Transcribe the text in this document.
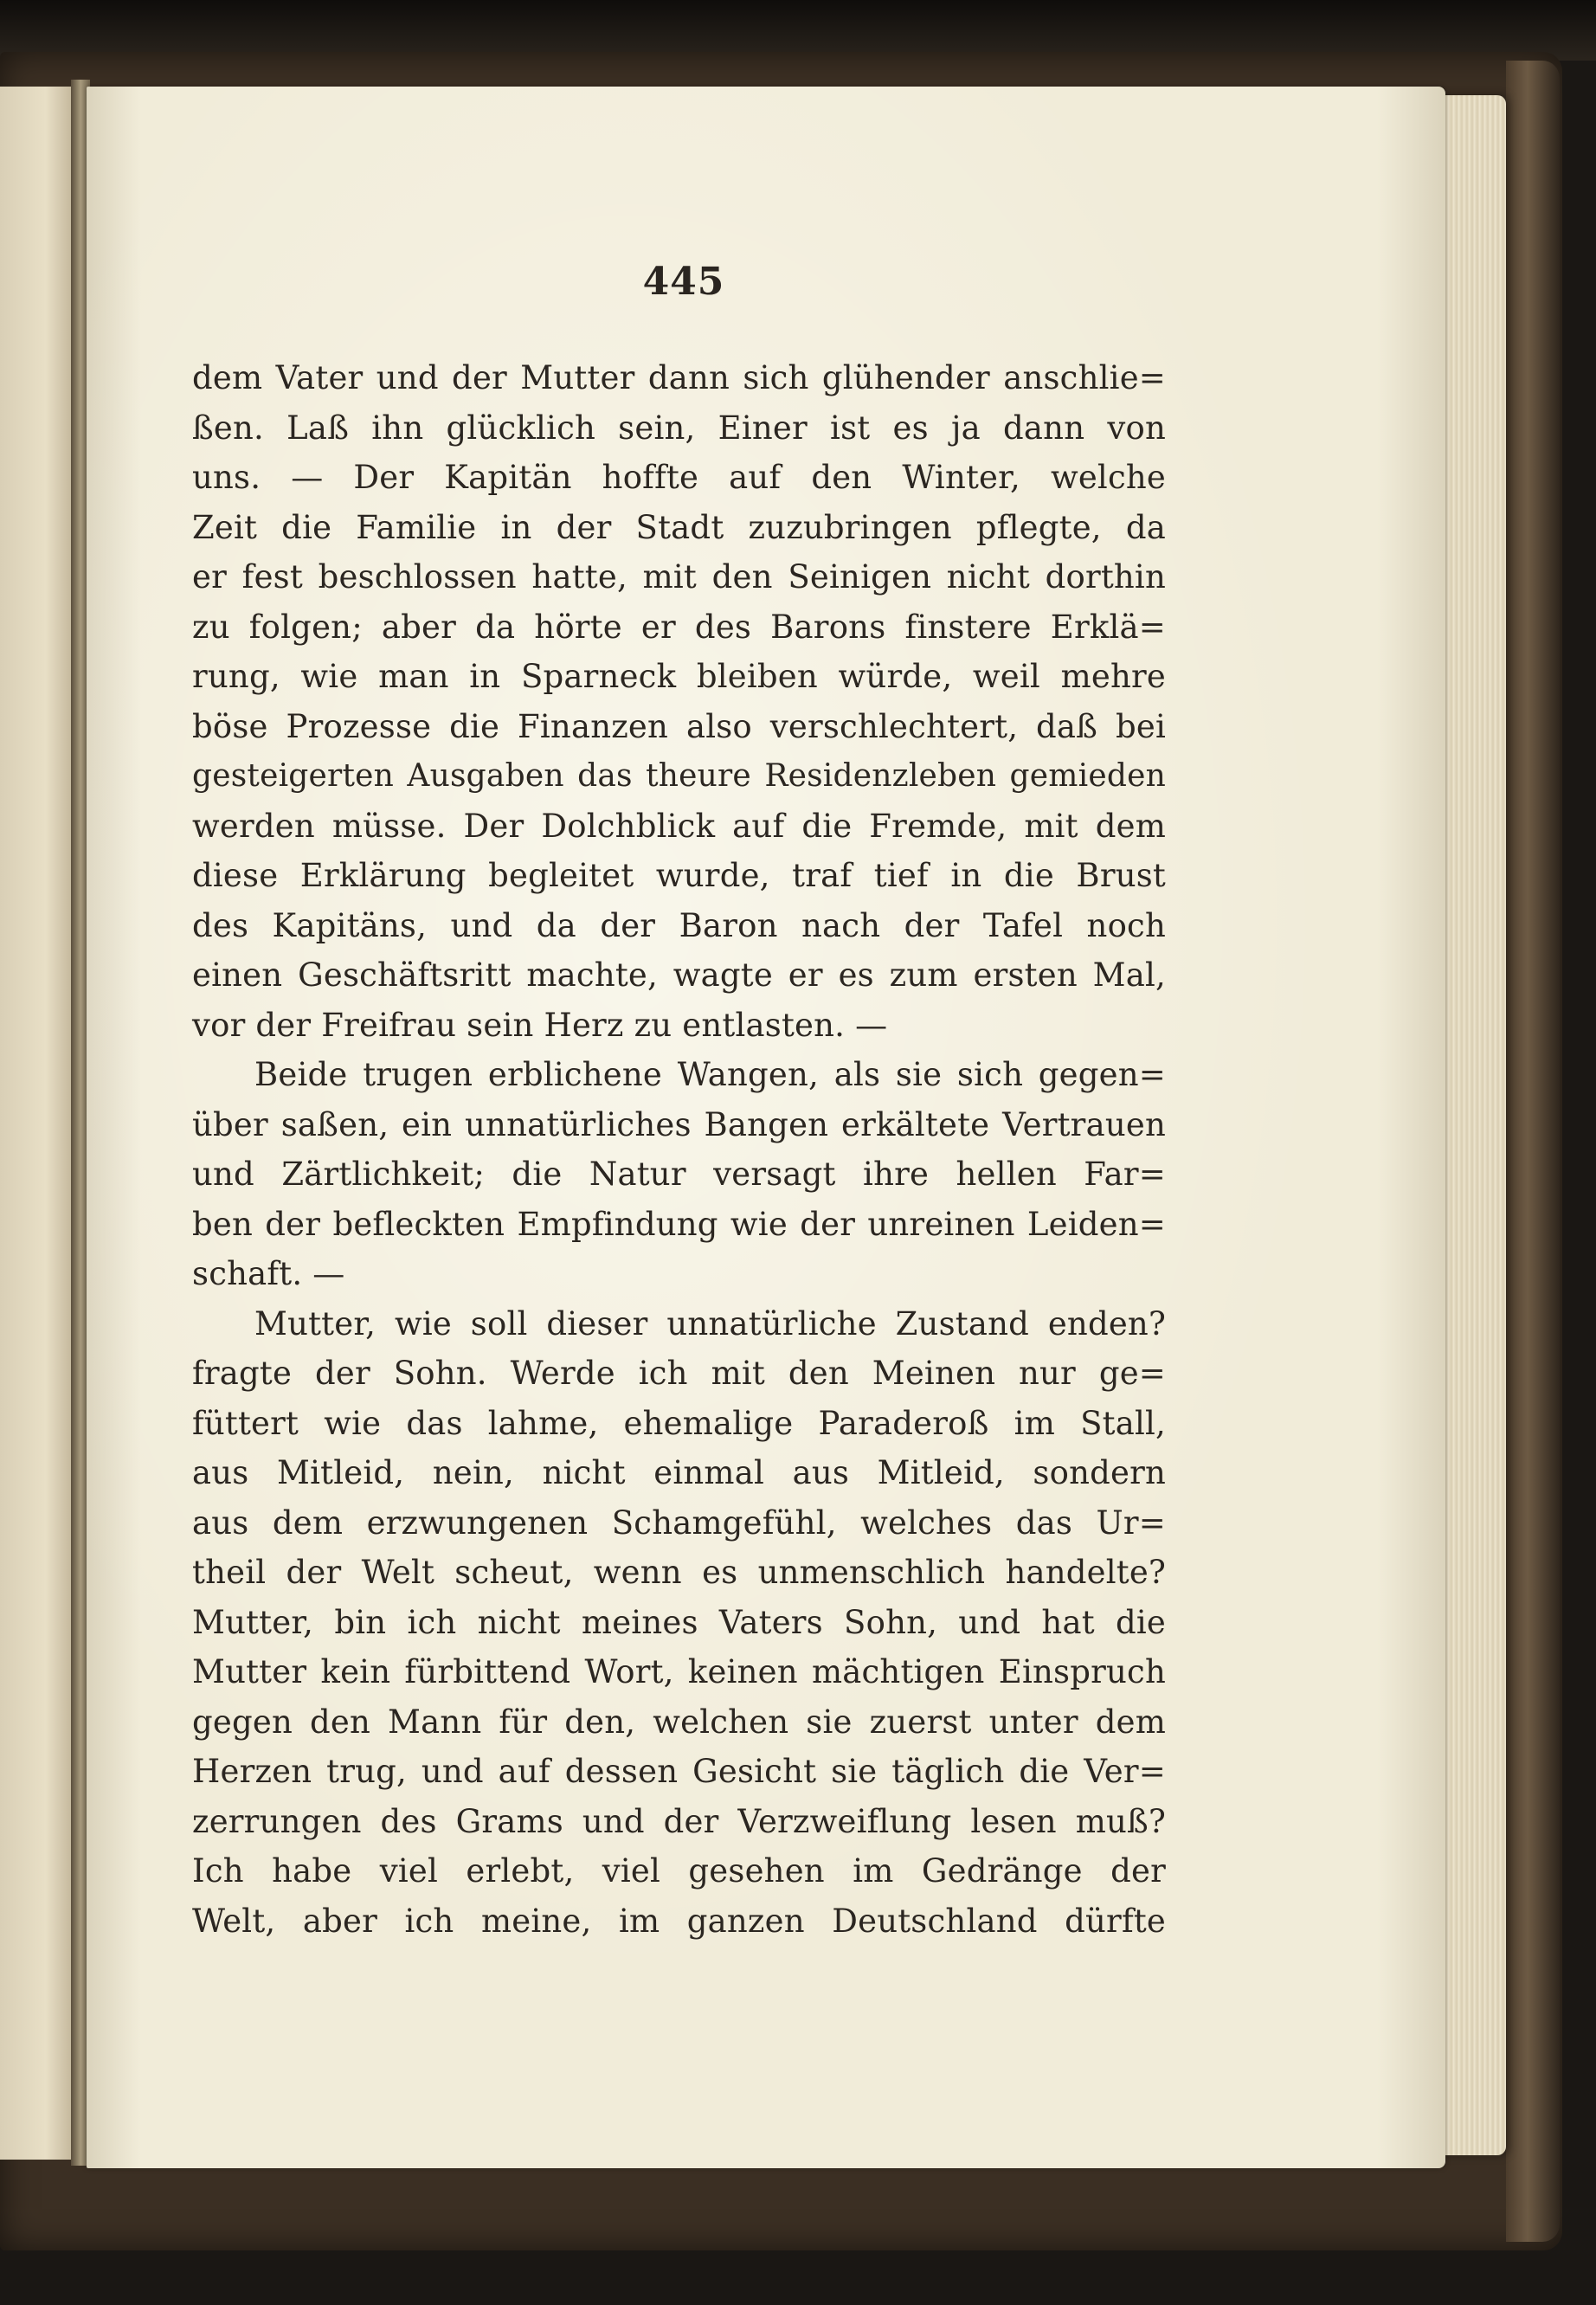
445
dem Vater und der Mutter dann sich glühender anschlie=
ßen. Laß ihn glücklich sein, Einer ist es ja dann von
uns. — Der Kapitän hoffte auf den Winter, welche
Zeit die Familie in der Stadt zuzubringen pflegte, da
er fest beschlossen hatte, mit den Seinigen nicht dorthin
zu folgen; aber da hörte er des Barons finstere Erklä=
rung, wie man in Sparneck bleiben würde, weil mehre
böse Prozesse die Finanzen also verschlechtert, daß bei
gesteigerten Ausgaben das theure Residenzleben gemieden
werden müsse. Der Dolchblick auf die Fremde, mit dem
diese Erklärung begleitet wurde, traf tief in die Brust
des Kapitäns, und da der Baron nach der Tafel noch
einen Geschäftsritt machte, wagte er es zum ersten Mal,
vor der Freifrau sein Herz zu entlasten. —
Beide trugen erblichene Wangen, als sie sich gegen=
über saßen, ein unnatürliches Bangen erkältete Vertrauen
und Zärtlichkeit; die Natur versagt ihre hellen Far=
ben der befleckten Empfindung wie der unreinen Leiden=
schaft. —
Mutter, wie soll dieser unnatürliche Zustand enden?
fragte der Sohn. Werde ich mit den Meinen nur ge=
füttert wie das lahme, ehemalige Paraderoß im Stall,
aus Mitleid, nein, nicht einmal aus Mitleid, sondern
aus dem erzwungenen Schamgefühl, welches das Ur=
theil der Welt scheut, wenn es unmenschlich handelte?
Mutter, bin ich nicht meines Vaters Sohn, und hat die
Mutter kein fürbittend Wort, keinen mächtigen Einspruch
gegen den Mann für den, welchen sie zuerst unter dem
Herzen trug, und auf dessen Gesicht sie täglich die Ver=
zerrungen des Grams und der Verzweiflung lesen muß?
Ich habe viel erlebt, viel gesehen im Gedränge der
Welt, aber ich meine, im ganzen Deutschland dürfte
